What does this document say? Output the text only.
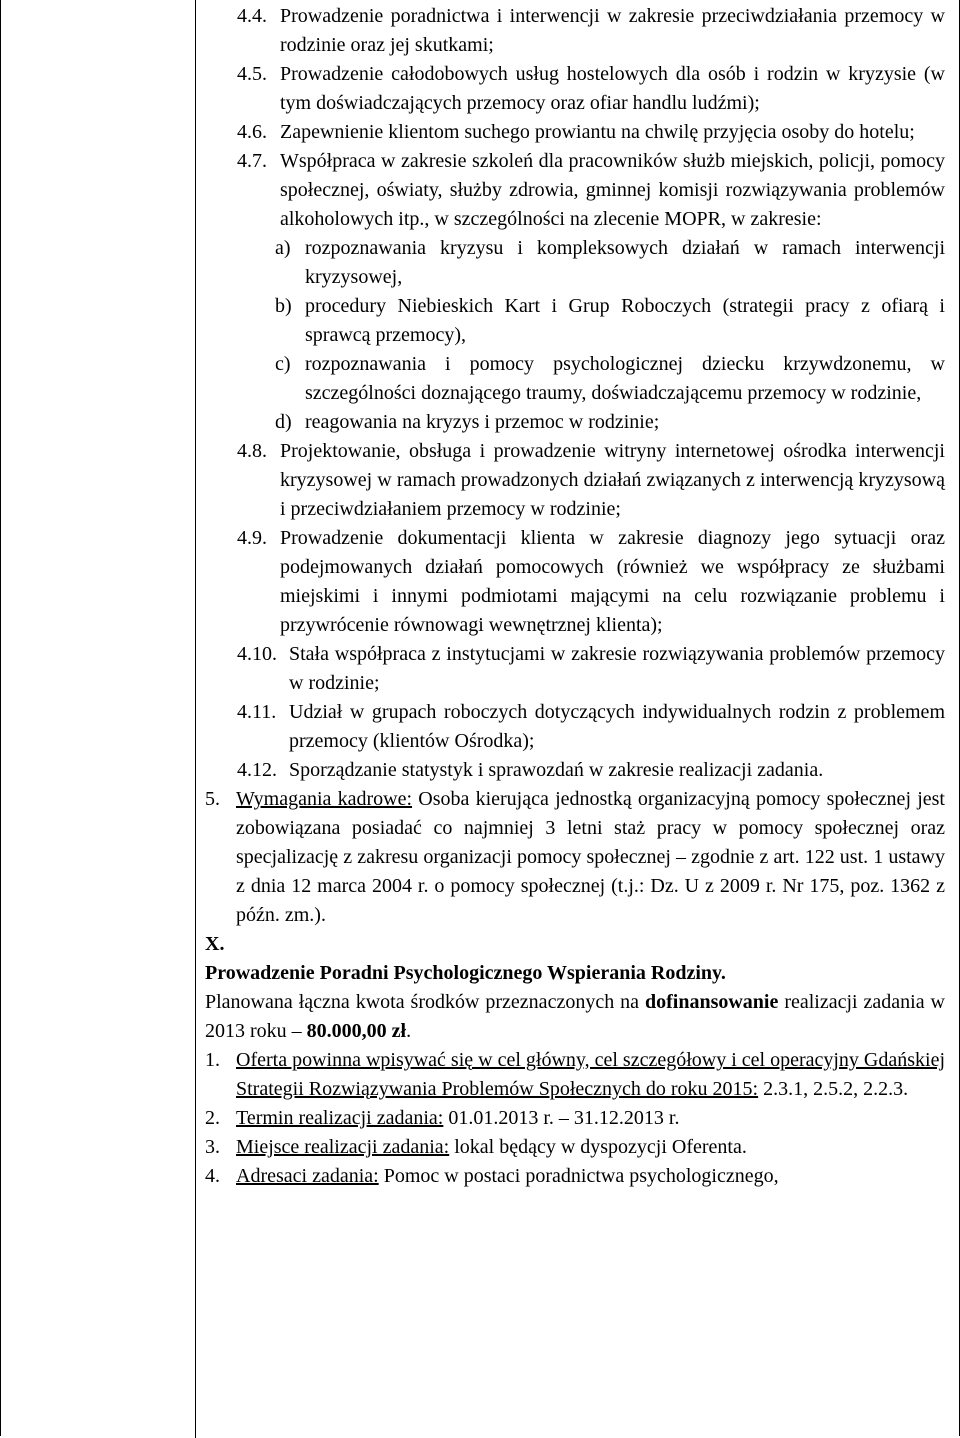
4.4. Prowadzenie poradnictwa i interwencji w zakresie przeciwdziałania przemocy w rodzinie oraz jej skutkami;
4.5. Prowadzenie całodobowych usług hostelowych dla osób i rodzin w kryzysie (w tym doświadczających przemocy oraz ofiar handlu ludźmi);
4.6. Zapewnienie klientom suchego prowiantu na chwilę przyjęcia osoby do hotelu;
4.7. Współpraca w zakresie szkoleń dla pracowników służb miejskich, policji, pomocy społecznej, oświaty, służby zdrowia, gminnej komisji rozwiązywania problemów alkoholowych itp., w szczególności na zlecenie MOPR, w zakresie:
a) rozpoznawania kryzysu i kompleksowych działań w ramach interwencji kryzysowej,
b) procedury Niebieskich Kart i Grup Roboczych (strategii pracy z ofiarą i sprawcą przemocy),
c) rozpoznawania i pomocy psychologicznej dziecku krzywdzonemu, w szczególności doznającego traumy, doświadczającemu przemocy w rodzinie,
d) reagowania na kryzys i przemoc w rodzinie;
4.8. Projektowanie, obsługa i prowadzenie witryny internetowej ośrodka interwencji kryzysowej w ramach prowadzonych działań związanych z interwencją kryzysową i przeciwdziałaniem przemocy w rodzinie;
4.9. Prowadzenie dokumentacji klienta w zakresie diagnozy jego sytuacji oraz podejmowanych działań pomocowych (również we współpracy ze służbami miejskimi i innymi podmiotami mającymi na celu rozwiązanie problemu i przywrócenie równowagi wewnętrznej klienta);
4.10. Stała współpraca z instytucjami w zakresie rozwiązywania problemów przemocy w rodzinie;
4.11. Udział w grupach roboczych dotyczących indywidualnych rodzin z problemem przemocy (klientów Ośrodka);
4.12. Sporządzanie statystyk i sprawozdań w zakresie realizacji zadania.
5. Wymagania kadrowe: Osoba kierująca jednostką organizacyjną pomocy społecznej jest zobowiązana posiadać co najmniej 3 letni staż pracy w pomocy społecznej oraz specjalizację z zakresu organizacji pomocy społecznej – zgodnie z art. 122 ust. 1 ustawy z dnia 12 marca 2004 r. o pomocy społecznej (t.j.: Dz. U z 2009 r. Nr 175, poz. 1362 z późn. zm.).
X.
Prowadzenie Poradni Psychologicznego Wspierania Rodziny.
Planowana łączna kwota środków przeznaczonych na dofinansowanie realizacji zadania w 2013 roku – 80.000,00 zł.
1. Oferta powinna wpisywać się w cel główny, cel szczegółowy i cel operacyjny Gdańskiej Strategii Rozwiązywania Problemów Społecznych do roku 2015: 2.3.1, 2.5.2, 2.2.3.
2. Termin realizacji zadania: 01.01.2013 r. – 31.12.2013 r.
3. Miejsce realizacji zadania: lokal będący w dyspozycji Oferenta.
4. Adresaci zadania: Pomoc w postaci poradnictwa psychologicznego,
